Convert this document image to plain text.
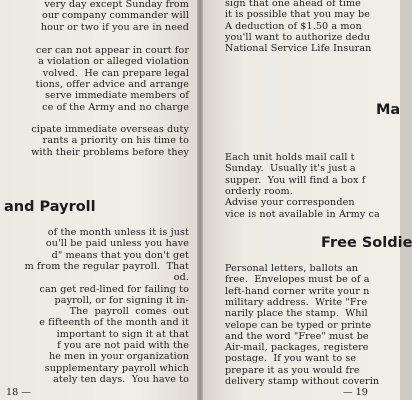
very day except Sunday from
our company commander will
hour or two if you are in need
cer can not appear in court for
a violation or alleged violation
volved.  He can prepare legal
tions, offer advice and arrange
serve immediate members of
ce of the Army and no charge
cipate immediate overseas duty
rants a priority on his time to
with their problems before they
and Payroll
of the month unless it is just
ou'll be paid unless you have
d" means that you don't get
m from the regular payroll.  That
od.
can get red-lined for failing to
payroll, or for signing it in-
The  payroll  comes  out
e fifteenth of the month and it
important to sign it at that
f you are not paid with the
he men in your organization
supplementary payroll which
ately ten days.  You have to
18 —
sign that one ahead of time
it is possible that you may be
A deduction of $1.50 a mon
you'll want to authorize dedu
National Service Life Insuran
Ma
Each unit holds mail call t
Sunday.  Usually it's just a
supper.  You will find a box f
orderly room.
Advise your corresponden
vice is not available in Army ca
Free Soldie
Personal letters, ballots an
free.  Envelopes must be of a
left-hand corner write your n
military address.  Write "Fre
narily place the stamp.  Whil
velope can be typed or printe
and the word "Free" must be
Air-mail, packages, registere
postage.  If you want to se
prepare it as you would fre
delivery stamp without coverin
— 19
